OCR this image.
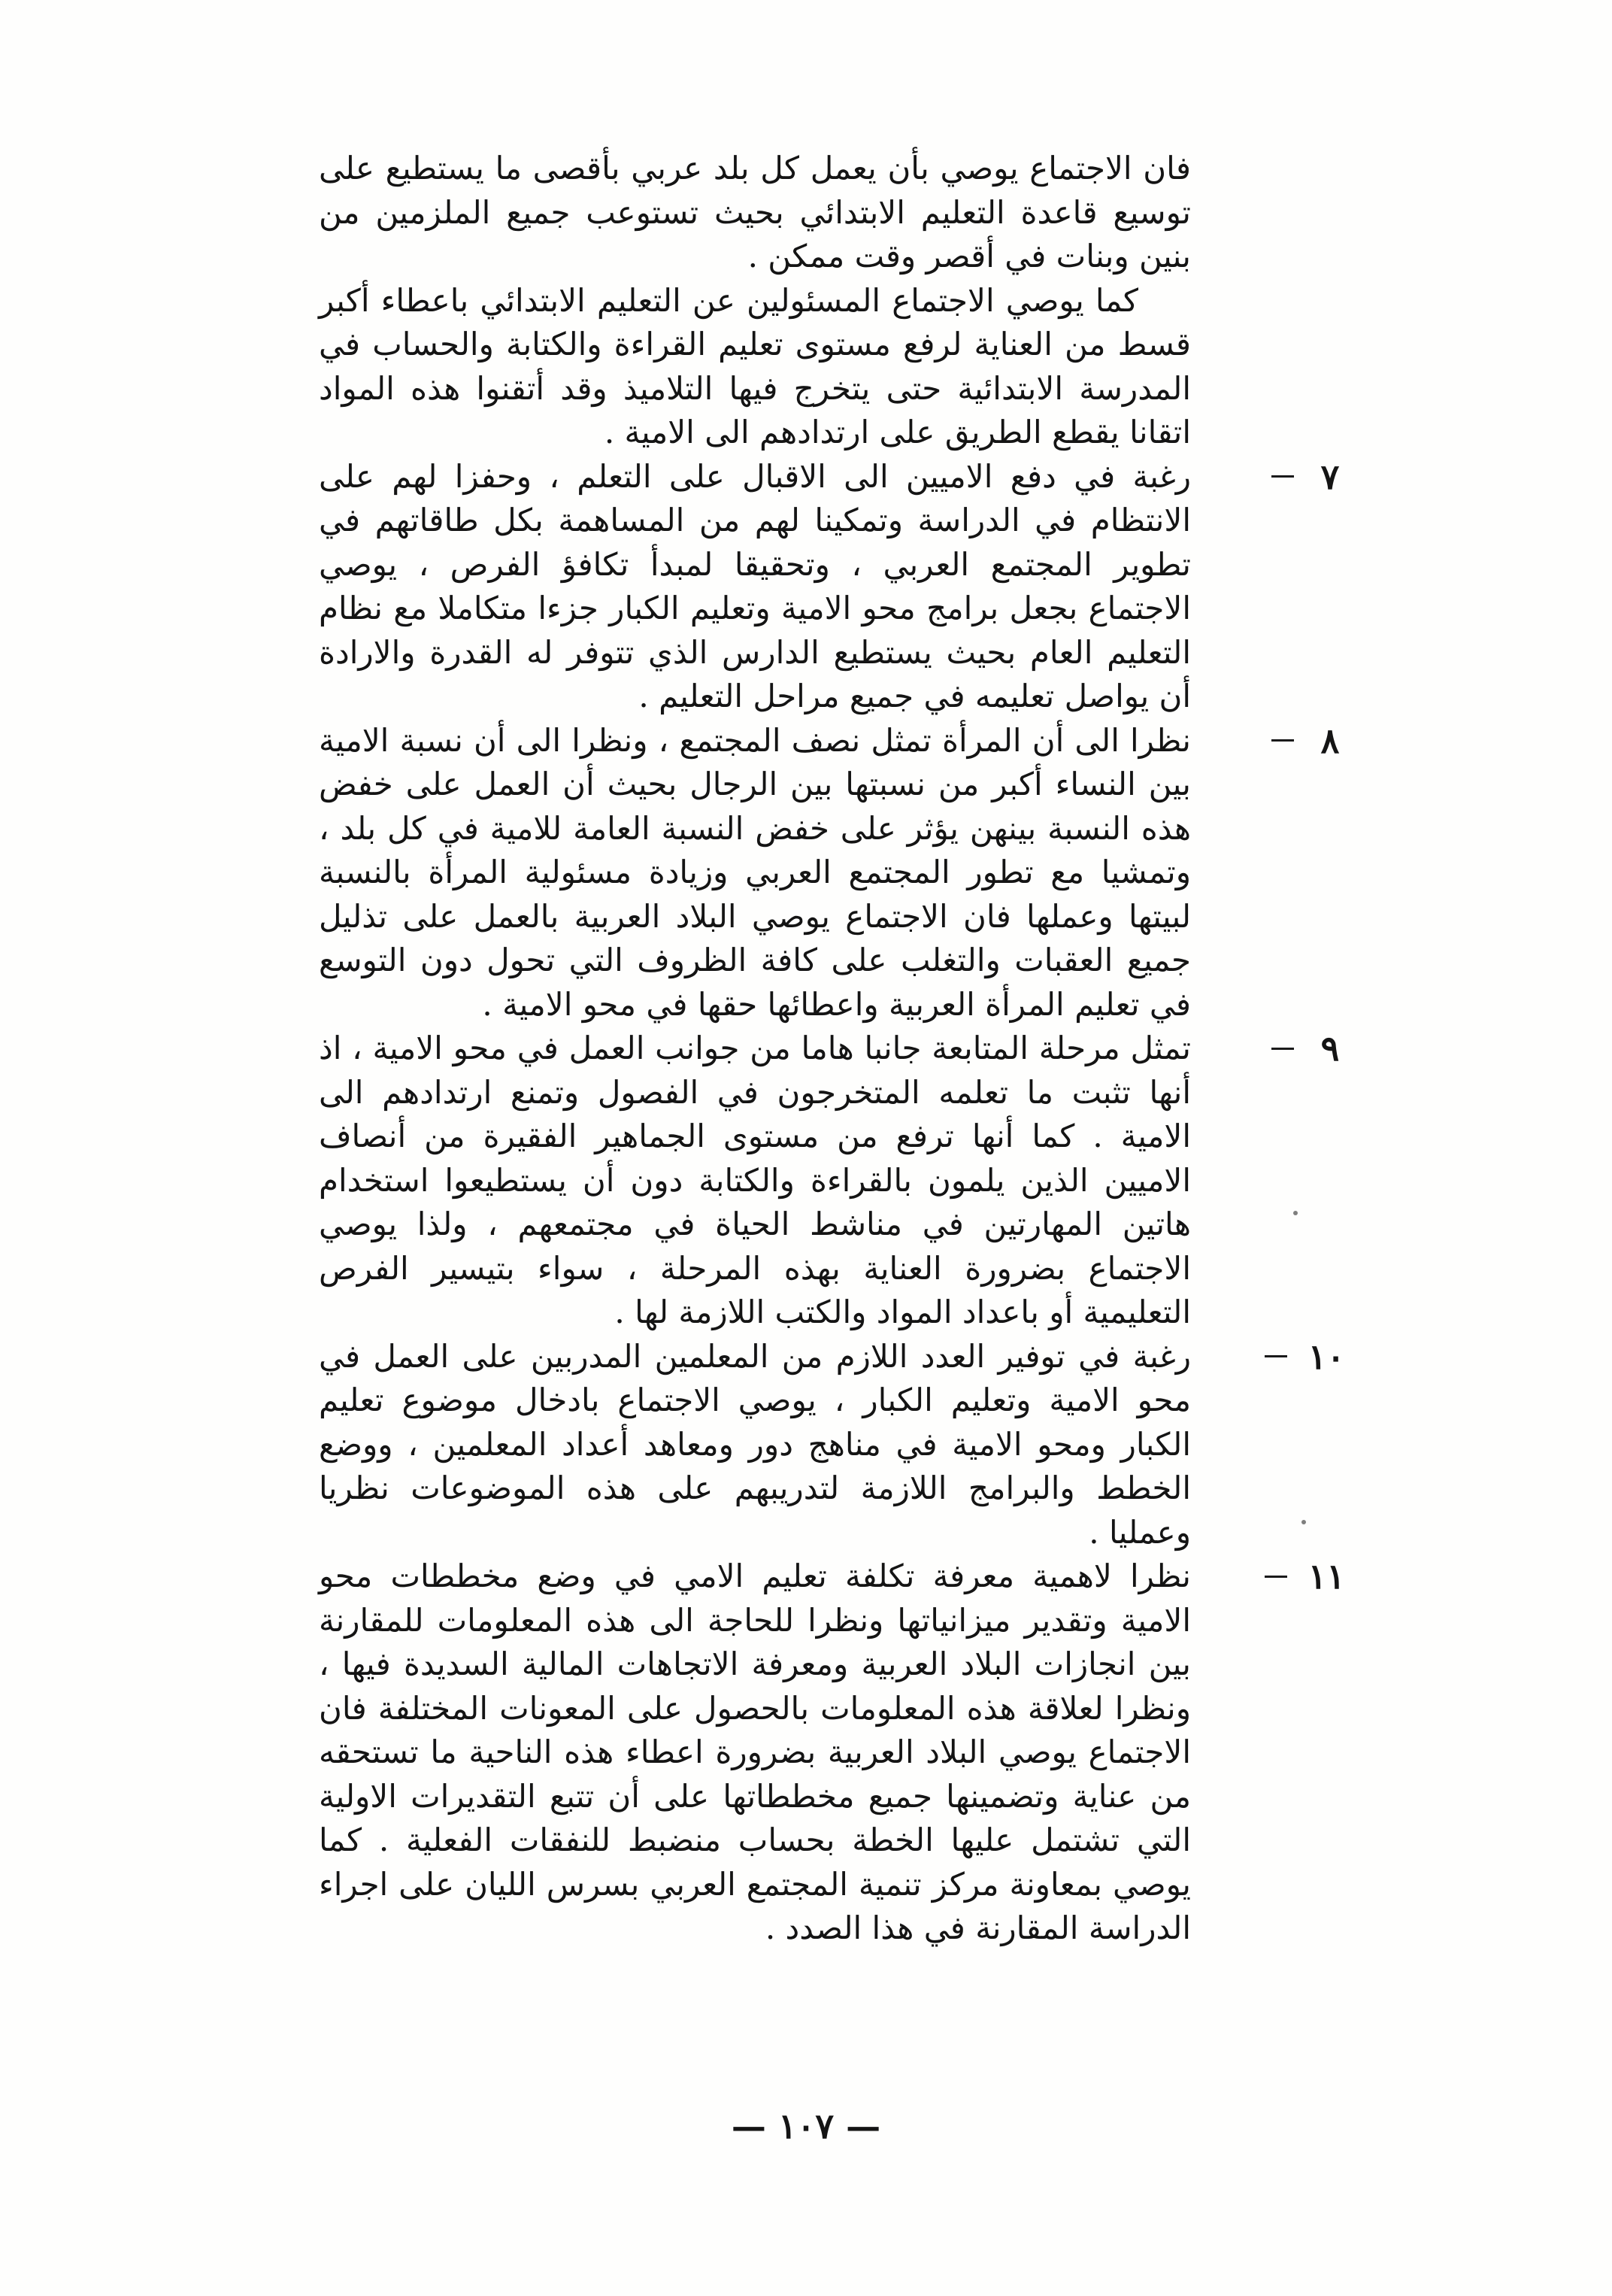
فان الاجتماع يوصي بأن يعمل كل بلد عربي بأقصى ما يستطيع على توسيع قاعدة التعليم الابتدائي بحيث تستوعب جميع الملزمين من بنين وبنات في أقصر وقت ممكن .

كما يوصي الاجتماع المسئولين عن التعليم الابتدائي باعطاء أكبر قسط من العناية لرفع مستوى تعليم القراءة والكتابة والحساب في المدرسة الابتدائية حتى يتخرج فيها التلاميذ وقد أتقنوا هذه المواد اتقانا يقطع الطريق على ارتدادهم الى الامية .

٧

رغبة في دفع الاميين الى الاقبال على التعلم ، وحفزا لهم على الانتظام في الدراسة وتمكينا لهم من المساهمة بكل طاقاتهم في تطوير المجتمع العربي ، وتحقيقا لمبدأ تكافؤ الفرص ، يوصي الاجتماع بجعل برامج محو الامية وتعليم الكبار جزءا متكاملا مع نظام التعليم العام بحيث يستطيع الدارس الذي تتوفر له القدرة والارادة أن يواصل تعليمه في جميع مراحل التعليم .

٨

نظرا الى أن المرأة تمثل نصف المجتمع ، ونظرا الى أن نسبة الامية بين النساء أكبر من نسبتها بين الرجال بحيث أن العمل على خفض هذه النسبة بينهن يؤثر على خفض النسبة العامة للامية في كل بلد ، وتمشيا مع تطور المجتمع العربي وزيادة مسئولية المرأة بالنسبة لبيتها وعملها فان الاجتماع يوصي البلاد العربية بالعمل على تذليل جميع العقبات والتغلب على كافة الظروف التي تحول دون التوسع في تعليم المرأة العربية واعطائها حقها في محو الامية .

٩

تمثل مرحلة المتابعة جانبا هاما من جوانب العمل في محو الامية ، اذ أنها تثبت ما تعلمه المتخرجون في الفصول وتمنع ارتدادهم الى الامية . كما أنها ترفع من مستوى الجماهير الفقيرة من أنصاف الاميين الذين يلمون بالقراءة والكتابة دون أن يستطيعوا استخدام هاتين المهارتين في مناشط الحياة في مجتمعهم ، ولذا يوصي الاجتماع بضرورة العناية بهذه المرحلة ، سواء بتيسير الفرص التعليمية أو باعداد المواد والكتب اللازمة لها .

١٠

رغبة في توفير العدد اللازم من المعلمين المدربين على العمل في محو الامية وتعليم الكبار ، يوصي الاجتماع بادخال موضوع تعليم الكبار ومحو الامية في مناهج دور ومعاهد أعداد المعلمين ، ووضع الخطط والبرامج اللازمة لتدريبهم على هذه الموضوعات نظريا وعمليا .

١١

نظرا لاهمية معرفة تكلفة تعليم الامي في وضع مخططات محو الامية وتقدير ميزانياتها ونظرا للحاجة الى هذه المعلومات للمقارنة بين انجازات البلاد العربية ومعرفة الاتجاهات المالية السديدة فيها ، ونظرا لعلاقة هذه المعلومات بالحصول على المعونات المختلفة فان الاجتماع يوصي البلاد العربية بضرورة اعطاء هذه الناحية ما تستحقه من عناية وتضمينها جميع مخططاتها على أن تتبع التقديرات الاولية التي تشتمل عليها الخطة بحساب منضبط للنفقات الفعلية . كما يوصي بمعاونة مركز تنمية المجتمع العربي بسرس الليان على اجراء الدراسة المقارنة في هذا الصدد .

— ١٠٧ —
